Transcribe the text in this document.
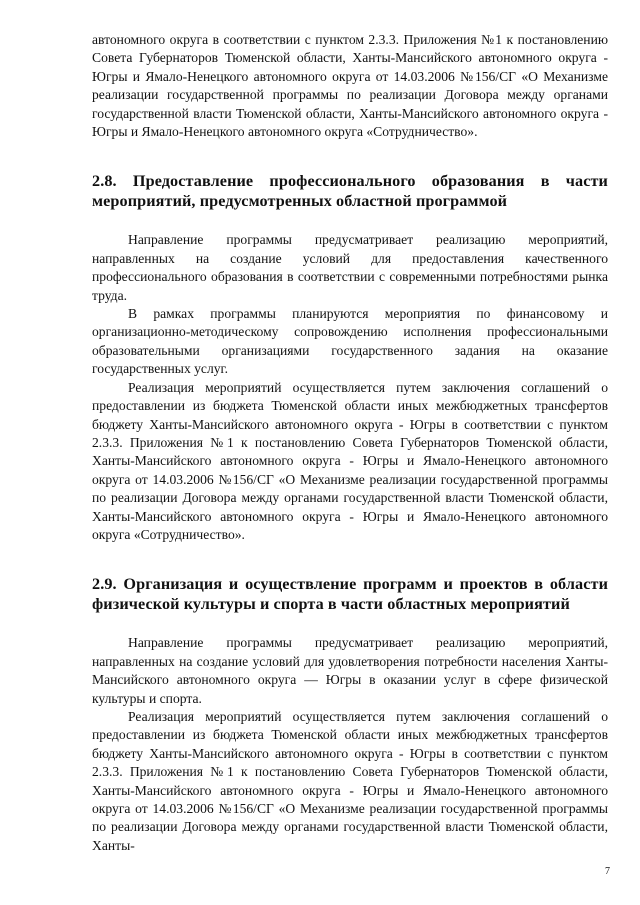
автономного округа в соответствии с пунктом 2.3.3. Приложения №1 к постановлению Совета Губернаторов Тюменской области, Ханты-Мансийского автономного округа - Югры и Ямало-Ненецкого автономного округа от 14.03.2006 №156/СГ «О Механизме реализации государственной программы по реализации Договора между органами государственной власти Тюменской области, Ханты-Мансийского автономного округа - Югры и Ямало-Ненецкого автономного округа «Сотрудничество».

2.8. Предоставление профессионального образования в части мероприятий, предусмотренных областной программой

Направление программы предусматривает реализацию мероприятий, направленных на создание условий для предоставления качественного профессионального образования в соответствии с современными потребностями рынка труда.

В рамках программы планируются мероприятия по финансовому и организационно-методическому сопровождению исполнения профессиональными образовательными организациями государственного задания на оказание государственных услуг.

Реализация мероприятий осуществляется путем заключения соглашений о предоставлении из бюджета Тюменской области иных межбюджетных трансфертов бюджету Ханты-Мансийского автономного округа - Югры в соответствии с пунктом 2.3.3. Приложения №1 к постановлению Совета Губернаторов Тюменской области, Ханты-Мансийского автономного округа - Югры и Ямало-Ненецкого автономного округа от 14.03.2006 №156/СГ «О Механизме реализации государственной программы по реализации Договора между органами государственной власти Тюменской области, Ханты-Мансийского автономного округа - Югры и Ямало-Ненецкого автономного округа «Сотрудничество».

2.9. Организация и осуществление программ и проектов в области физической культуры и спорта в части областных мероприятий

Направление программы предусматривает реализацию мероприятий, направленных на создание условий для удовлетворения потребности населения Ханты-Мансийского автономного округа — Югры в оказании услуг в сфере физической культуры и спорта.

Реализация мероприятий осуществляется путем заключения соглашений о предоставлении из бюджета Тюменской области иных межбюджетных трансфертов бюджету Ханты-Мансийского автономного округа - Югры в соответствии с пунктом 2.3.3. Приложения №1 к постановлению Совета Губернаторов Тюменской области, Ханты-Мансийского автономного округа - Югры и Ямало-Ненецкого автономного округа от 14.03.2006 №156/СГ «О Механизме реализации государственной программы по реализации Договора между органами государственной власти Тюменской области, Ханты-

7
